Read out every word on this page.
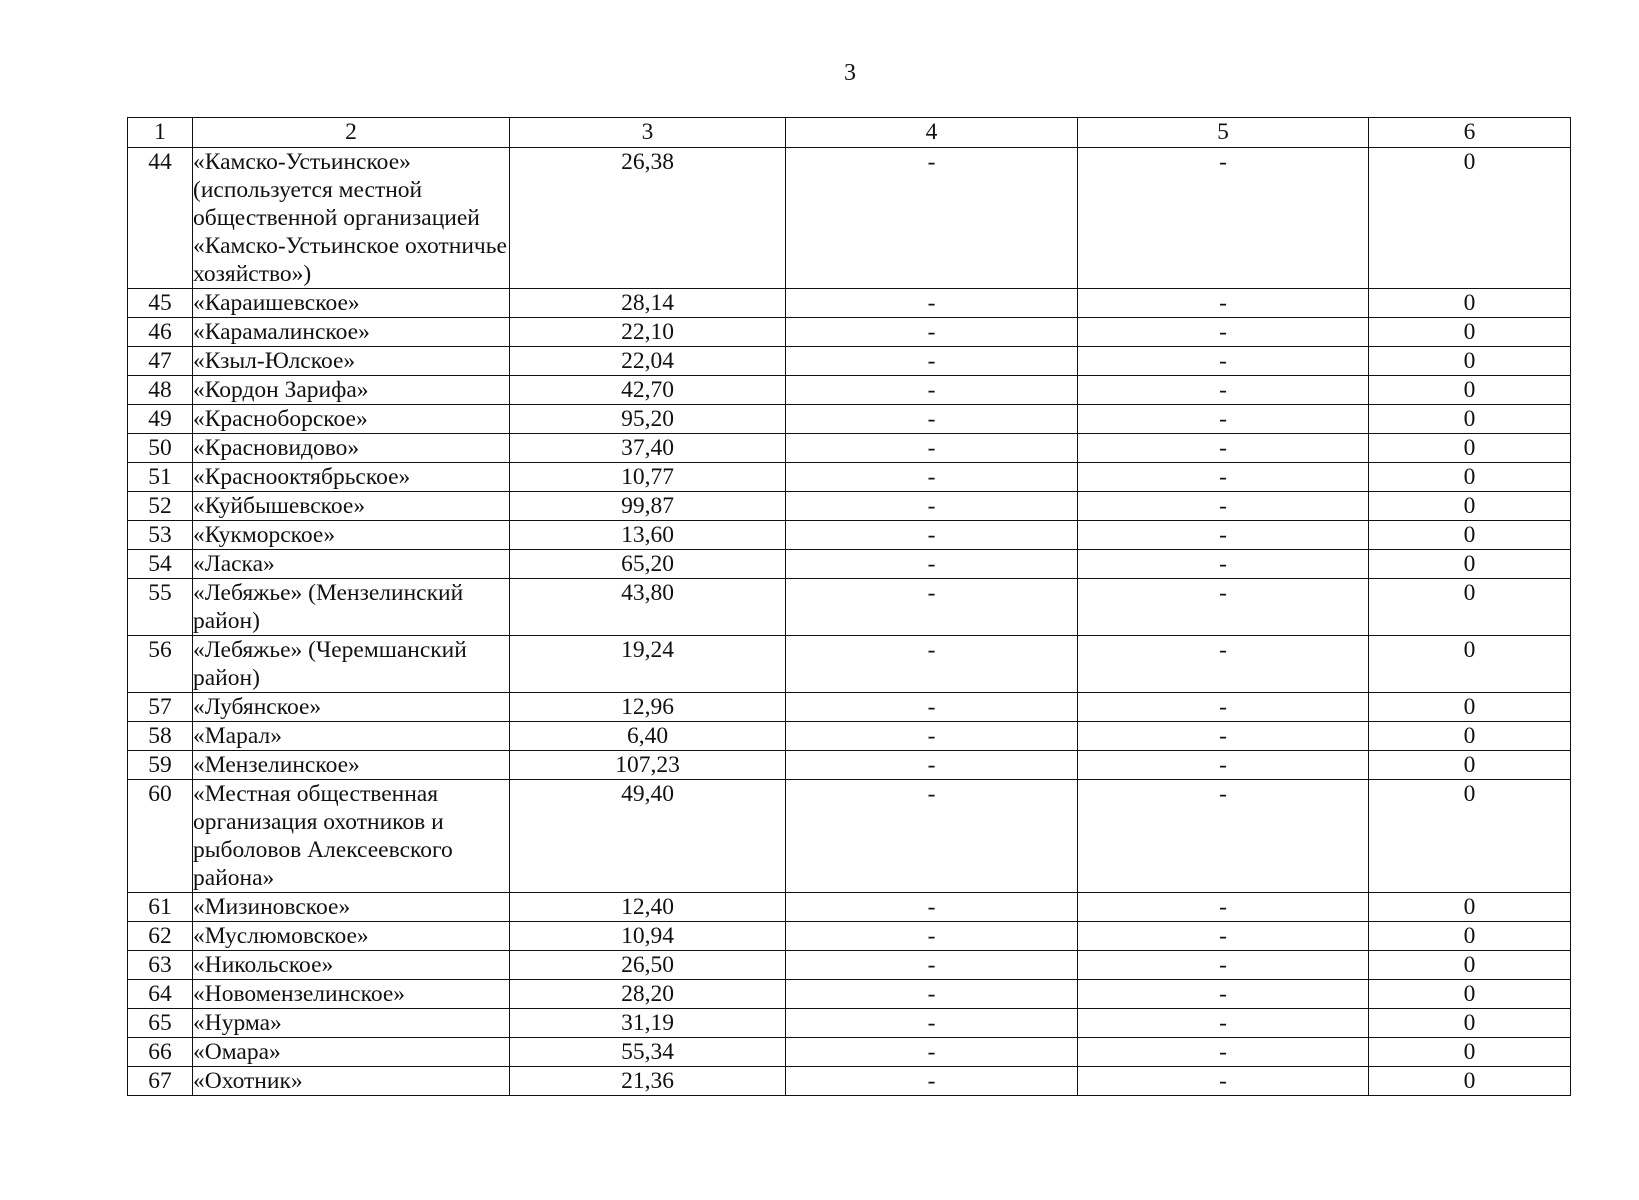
3
1	2	3	4	5	6
44	«Камско-Устьинское» (используется местной общественной организацией «Камско-Устьинское охотничье хозяйство»)	26,38	-	-	0
45	«Караишевское»	28,14	-	-	0
46	«Карамалинское»	22,10	-	-	0
47	«Кзыл-Юлское»	22,04	-	-	0
48	«Кордон Зарифа»	42,70	-	-	0
49	«Красноборское»	95,20	-	-	0
50	«Красновидово»	37,40	-	-	0
51	«Краснооктябрьское»	10,77	-	-	0
52	«Куйбышевское»	99,87	-	-	0
53	«Кукморское»	13,60	-	-	0
54	«Ласка»	65,20	-	-	0
55	«Лебяжье» (Мензелинский район)	43,80	-	-	0
56	«Лебяжье» (Черемшанский район)	19,24	-	-	0
57	«Лубянское»	12,96	-	-	0
58	«Марал»	6,40	-	-	0
59	«Мензелинское»	107,23	-	-	0
60	«Местная общественная организация охотников и рыболовов Алексеевского района»	49,40	-	-	0
61	«Мизиновское»	12,40	-	-	0
62	«Муслюмовское»	10,94	-	-	0
63	«Никольское»	26,50	-	-	0
64	«Новомензелинское»	28,20	-	-	0
65	«Нурма»	31,19	-	-	0
66	«Омара»	55,34	-	-	0
67	«Охотник»	21,36	-	-	0
